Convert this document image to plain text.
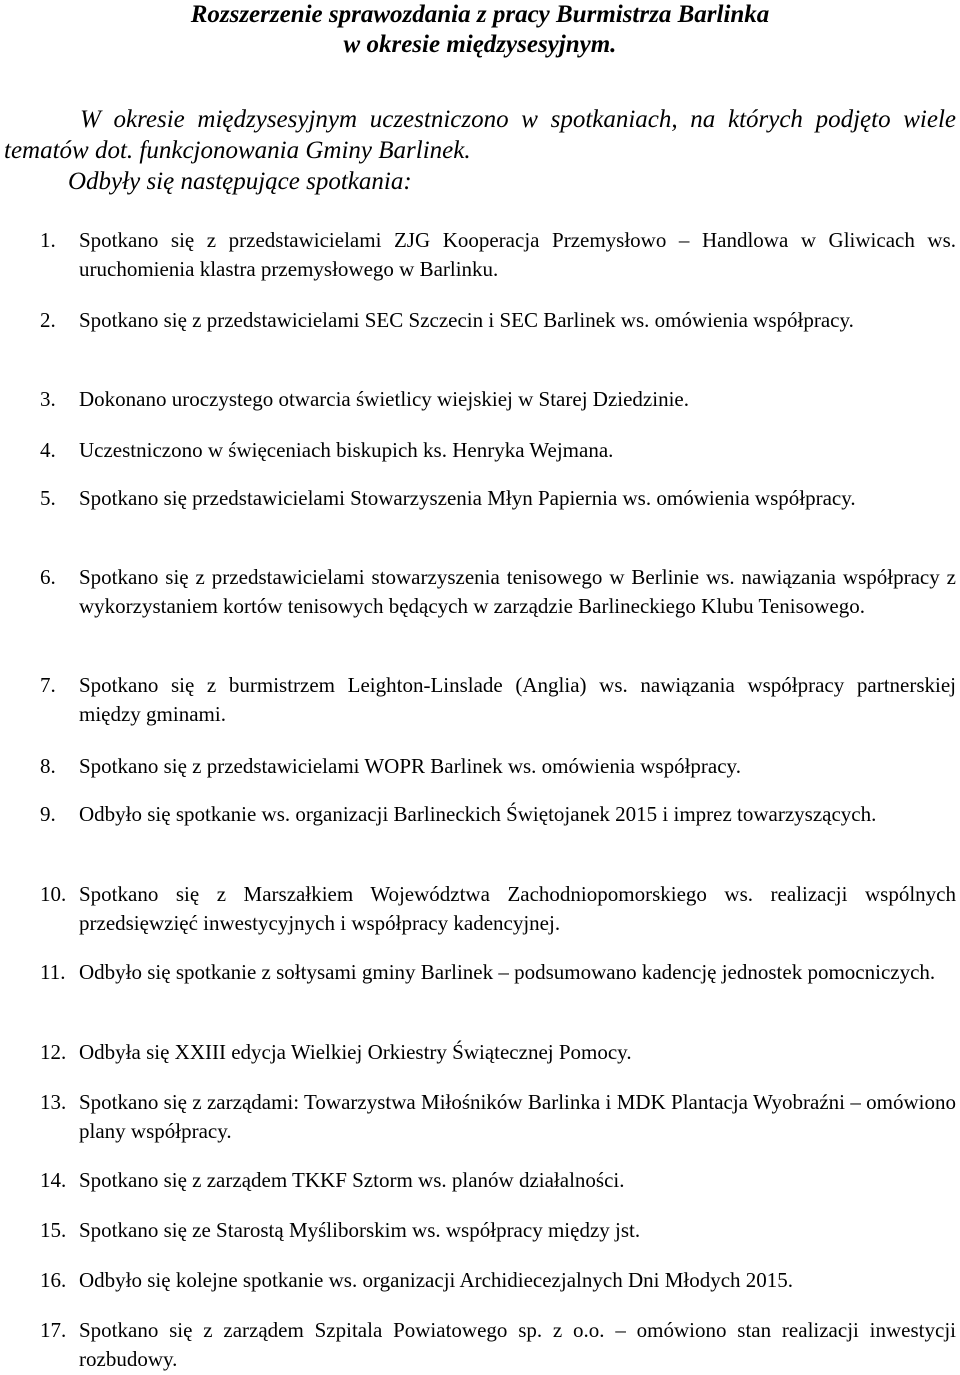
Rozszerzenie sprawozdania z pracy Burmistrza Barlinka
w okresie międzysesyjnym.

W okresie międzysesyjnym uczestniczono w spotkaniach, na których podjęto wiele tematów dot. funkcjonowania Gminy Barlinek.

Odbyły się następujące spotkania:

1. Spotkano się z przedstawicielami ZJG Kooperacja Przemysłowo – Handlowa w Gliwicach ws. uruchomienia klastra przemysłowego w Barlinku.
2. Spotkano się z przedstawicielami SEC Szczecin i SEC Barlinek ws. omówienia współpracy.
3. Dokonano uroczystego otwarcia świetlicy wiejskiej w Starej Dziedzinie.
4. Uczestniczono w święceniach biskupich ks. Henryka Wejmana.
5. Spotkano się przedstawicielami Stowarzyszenia Młyn Papiernia ws. omówienia współpracy.
6. Spotkano się z przedstawicielami stowarzyszenia tenisowego w Berlinie ws. nawiązania współpracy z wykorzystaniem kortów tenisowych będących w zarządzie Barlineckiego Klubu Tenisowego.
7. Spotkano się z burmistrzem Leighton-Linslade (Anglia) ws. nawiązania współpracy partnerskiej między gminami.
8. Spotkano się z przedstawicielami WOPR Barlinek ws. omówienia współpracy.
9. Odbyło się spotkanie ws. organizacji Barlineckich Świętojanek 2015 i imprez towarzyszących.
10. Spotkano się z Marszałkiem Województwa Zachodniopomorskiego ws. realizacji wspólnych przedsięwzięć inwestycyjnych i współpracy kadencyjnej.
11. Odbyło się spotkanie z sołtysami gminy Barlinek – podsumowano kadencję jednostek pomocniczych.
12. Odbyła się XXIII edycja Wielkiej Orkiestry Świątecznej Pomocy.
13. Spotkano się z zarządami: Towarzystwa Miłośników Barlinka i MDK Plantacja Wyobraźni – omówiono plany współpracy.
14. Spotkano się z zarządem TKKF Sztorm ws. planów działalności.
15. Spotkano się ze Starostą Myśliborskim ws. współpracy między jst.
16. Odbyło się kolejne spotkanie ws. organizacji Archidiecezjalnych Dni Młodych 2015.
17. Spotkano się z zarządem Szpitala Powiatowego sp. z o.o. – omówiono stan realizacji inwestycji rozbudowy.
